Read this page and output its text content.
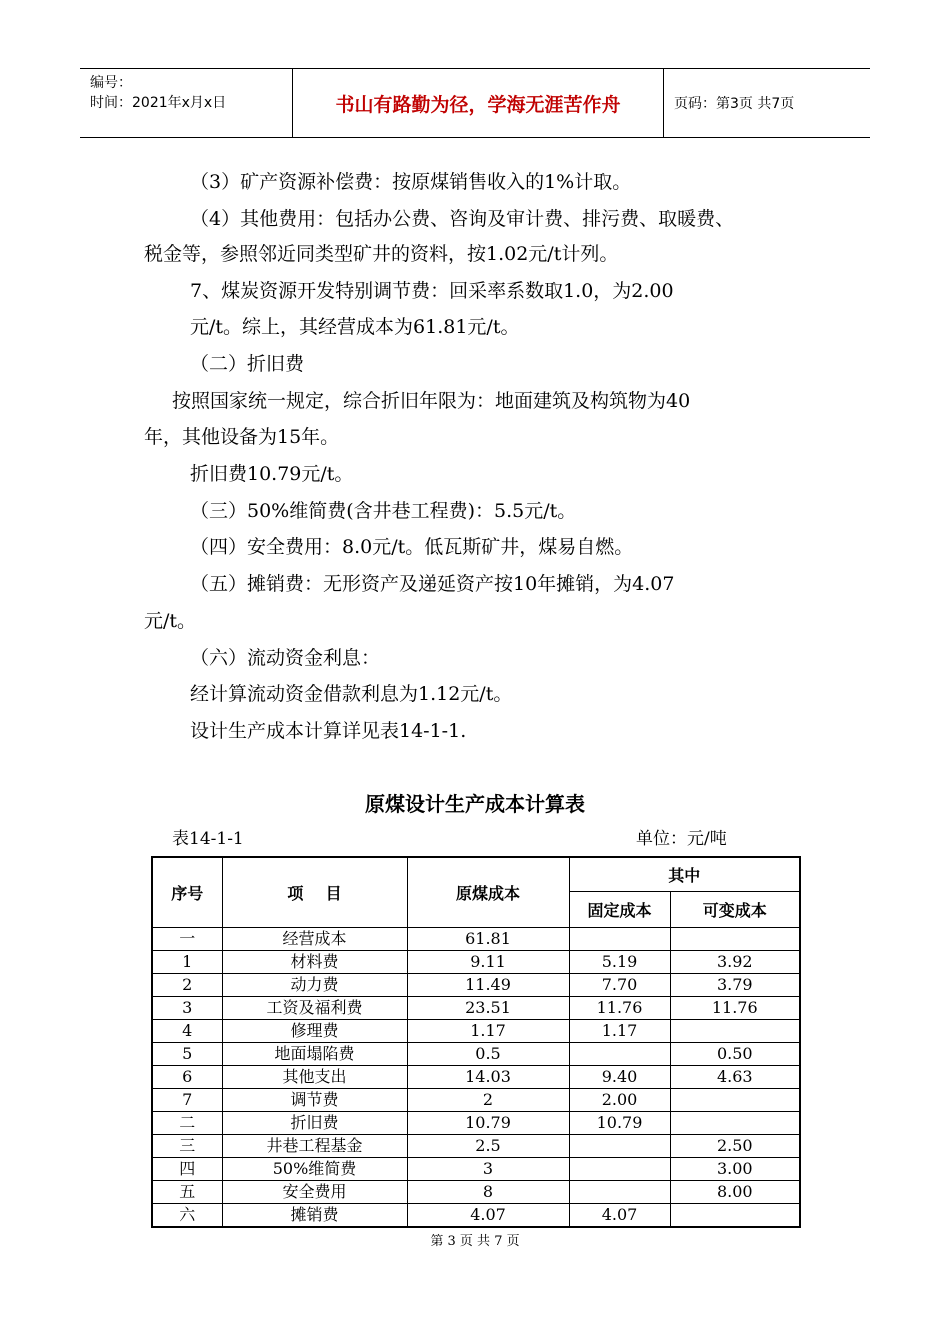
编号：
时间：2021年x月x日	书山有路勤为径，学海无涯苦作舟	页码：第3页 共7页
（3）矿产资源补偿费：按原煤销售收入的1%计取。
（4）其他费用：包括办公费、咨询及审计费、排污费、取暖费、
税金等，参照邻近同类型矿井的资料，按1.02元/t计列。
7、煤炭资源开发特别调节费：回采率系数取1.0，为2.00
元/t。综上，其经营成本为61.81元/t。
（二）折旧费
按照国家统一规定，综合折旧年限为：地面建筑及构筑物为40
年，其他设备为15年。
折旧费10.79元/t。
（三）50%维简费(含井巷工程费)：5.5元/t。
（四）安全费用：8.0元/t。低瓦斯矿井，煤易自燃。
（五）摊销费：无形资产及递延资产按10年摊销，为4.07
元/t。
（六）流动资金利息：
经计算流动资金借款利息为1.12元/t。
设计生产成本计算详见表14-1-1.
原煤设计生产成本计算表
表14-1-1	单位：元/吨
序号	项    目	原煤成本	其中	
			固定成本	可变成本
一	经营成本	61.81		
1	材料费	9.11	5.19	3.92
2	动力费	11.49	7.70	3.79
3	工资及福利费	23.51	11.76	11.76
4	修理费	1.17	1.17	
5	地面塌陷费	0.5		0.50
6	其他支出	14.03	9.40	4.63
7	调节费	2	2.00	
二	折旧费	10.79	10.79	
三	井巷工程基金	2.5		2.50
四	50%维简费	3		3.00
五	安全费用	8		8.00
六	摊销费	4.07	4.07	
第 3 页 共 7 页
